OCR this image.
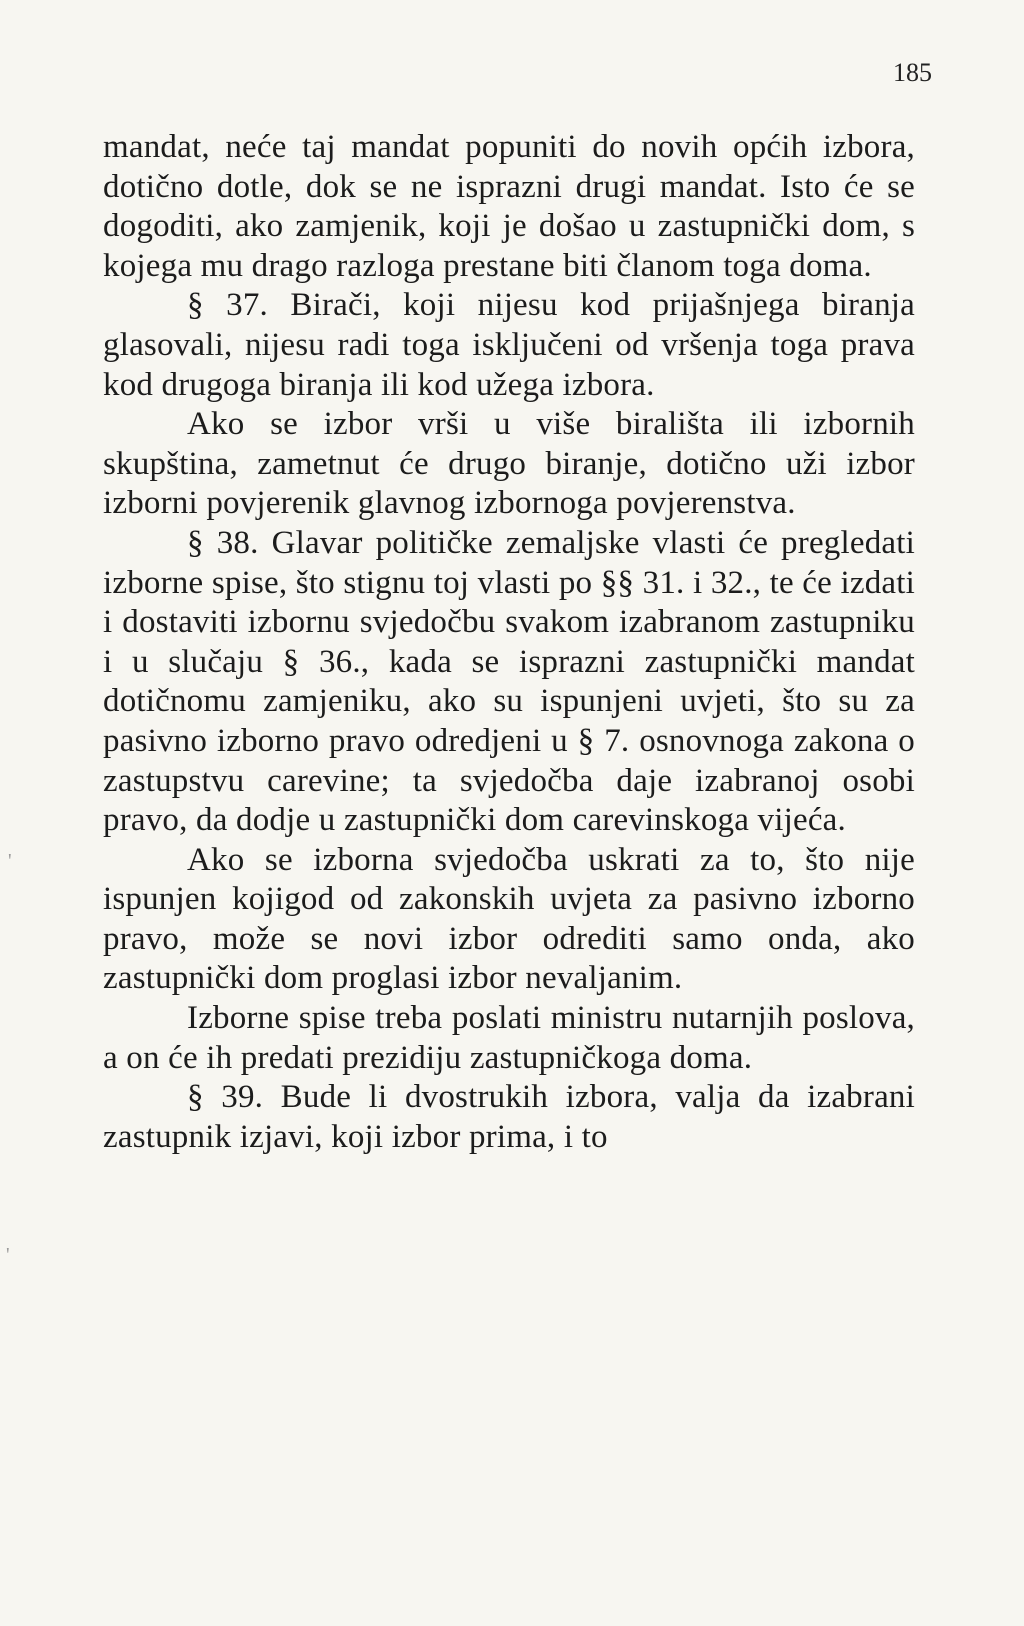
185

mandat, neće taj mandat popuniti do novih općih izbora, dotično dotle, dok se ne isprazni drugi mandat. Isto će se dogoditi, ako zamjenik, koji je došao u zastupnički dom, s kojega mu drago razloga prestane biti članom toga doma.

§ 37. Birači, koji nijesu kod prijašnjega biranja glasovali, nijesu radi toga isključeni od vršenja toga prava kod drugoga biranja ili kod užega izbora.

Ako se izbor vrši u više birališta ili izbornih skupština, zametnut će drugo biranje, dotično uži izbor izborni povjerenik glavnog izbornoga povjerenstva.

§ 38. Glavar političke zemaljske vlasti će pregledati izborne spise, što stignu toj vlasti po §§ 31. i 32., te će izdati i dostaviti izbornu svjedočbu svakom izabranom zastupniku i u slučaju § 36., kada se isprazni zastupnički mandat dotičnomu zamjeniku, ako su ispunjeni uvjeti, što su za pasivno izborno pravo odredjeni u § 7. osnovnoga zakona o zastupstvu carevine; ta svjedočba daje izabranoj osobi pravo, da dodje u zastupnički dom carevinskoga vijeća.

Ako se izborna svjedočba uskrati za to, što nije ispunjen kojigod od zakonskih uvjeta za pasivno izborno pravo, može se novi izbor odrediti samo onda, ako zastupnički dom proglasi izbor nevaljanim.

Izborne spise treba poslati ministru nutarnjih poslova, a on će ih predati prezidiju zastupničkoga doma.

§ 39. Bude li dvostrukih izbora, valja da izabrani zastupnik izjavi, koji izbor prima, i to

'
'
